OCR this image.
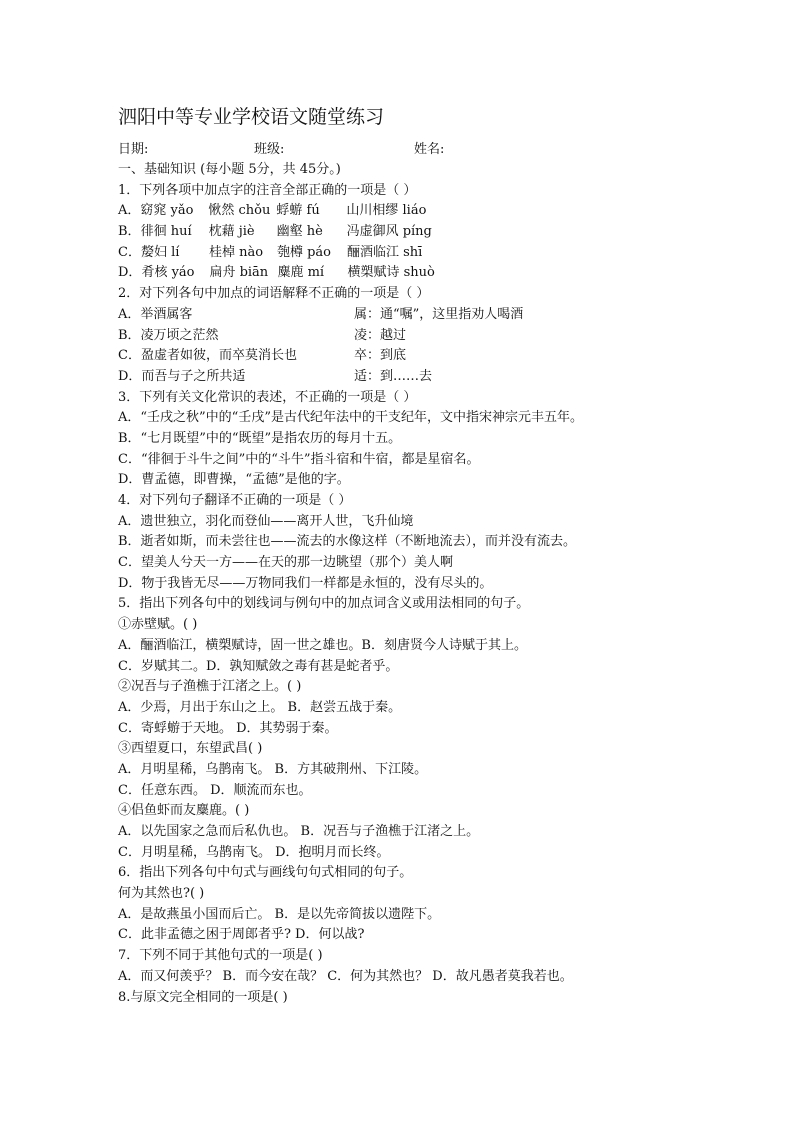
泗阳中等专业学校语文随堂练习
日期:	班级:	姓名:
一、基础知识 (每小题 5分，共 45分。)
1．下列各项中加点字的注音全部正确的一项是（ ）
A．窈窕 yǎo 愀然 chǒu 蜉蝣 fú 山川相缪 liáo
B．徘徊 huí 枕藉 jiè 幽壑 hè 冯虚御风 píng
C．嫠妇 lí 桂棹 nào 匏樽 páo 酾酒临江 shī
D．肴核 yáo 扁舟 biān 麋鹿 mí 横槊赋诗 shuò
2．对下列各句中加点的词语解释不正确的一项是（ ）
A．举酒属客	属：通“嘱”，这里指劝人喝酒
B．凌万顷之茫然	凌：越过
C．盈虚者如彼，而卒莫消长也	卒：到底
D．而吾与子之所共适	适：到……去
3．下列有关文化常识的表述，不正确的一项是（ ）
A．“壬戌之秋”中的“壬戌”是古代纪年法中的干支纪年，文中指宋神宗元丰五年。
B．“七月既望”中的“既望”是指农历的每月十五。
C．“徘徊于斗牛之间”中的“斗牛”指斗宿和牛宿，都是星宿名。
D．曹孟德，即曹操，“孟德”是他的字。
4．对下列句子翻译不正确的一项是（ ）
A．遗世独立，羽化而登仙——离开人世，飞升仙境
B．逝者如斯，而未尝往也——流去的水像这样（不断地流去），而并没有流去。
C．望美人兮天一方——在天的那一边眺望（那个）美人啊
D．物于我皆无尽——万物同我们一样都是永恒的，没有尽头的。
5．指出下列各句中的划线词与例句中的加点词含义或用法相同的句子。
①赤壁赋。( )
A．酾酒临江，横槊赋诗，固一世之雄也。B．刻唐贤今人诗赋于其上。
C．岁赋其二。D．孰知赋敛之毒有甚是蛇者乎。
②况吾与子渔樵于江渚之上。( )
A．少焉，月出于东山之上。 B．赵尝五战于秦。
C．寄蜉蝣于天地。 D．其势弱于秦。
③西望夏口，东望武昌( )
A．月明星稀，乌鹊南飞。 B．方其破荆州、下江陵。
C．任意东西。 D．顺流而东也。
④侣鱼虾而友麋鹿。( )
A．以先国家之急而后私仇也。 B．况吾与子渔樵于江渚之上。
C．月明星稀，乌鹊南飞。 D．抱明月而长终。
6．指出下列各句中句式与画线句句式相同的句子。
何为其然也?( )
A．是故燕虽小国而后亡。 B．是以先帝简拔以遗陛下。
C．此非孟德之困于周郎者乎? D．何以战?
7．下列不同于其他句式的一项是( )
A．而又何羡乎？ B．而今安在哉？ C．何为其然也？ D．故凡愚者莫我若也。
8.与原文完全相同的一项是( )
